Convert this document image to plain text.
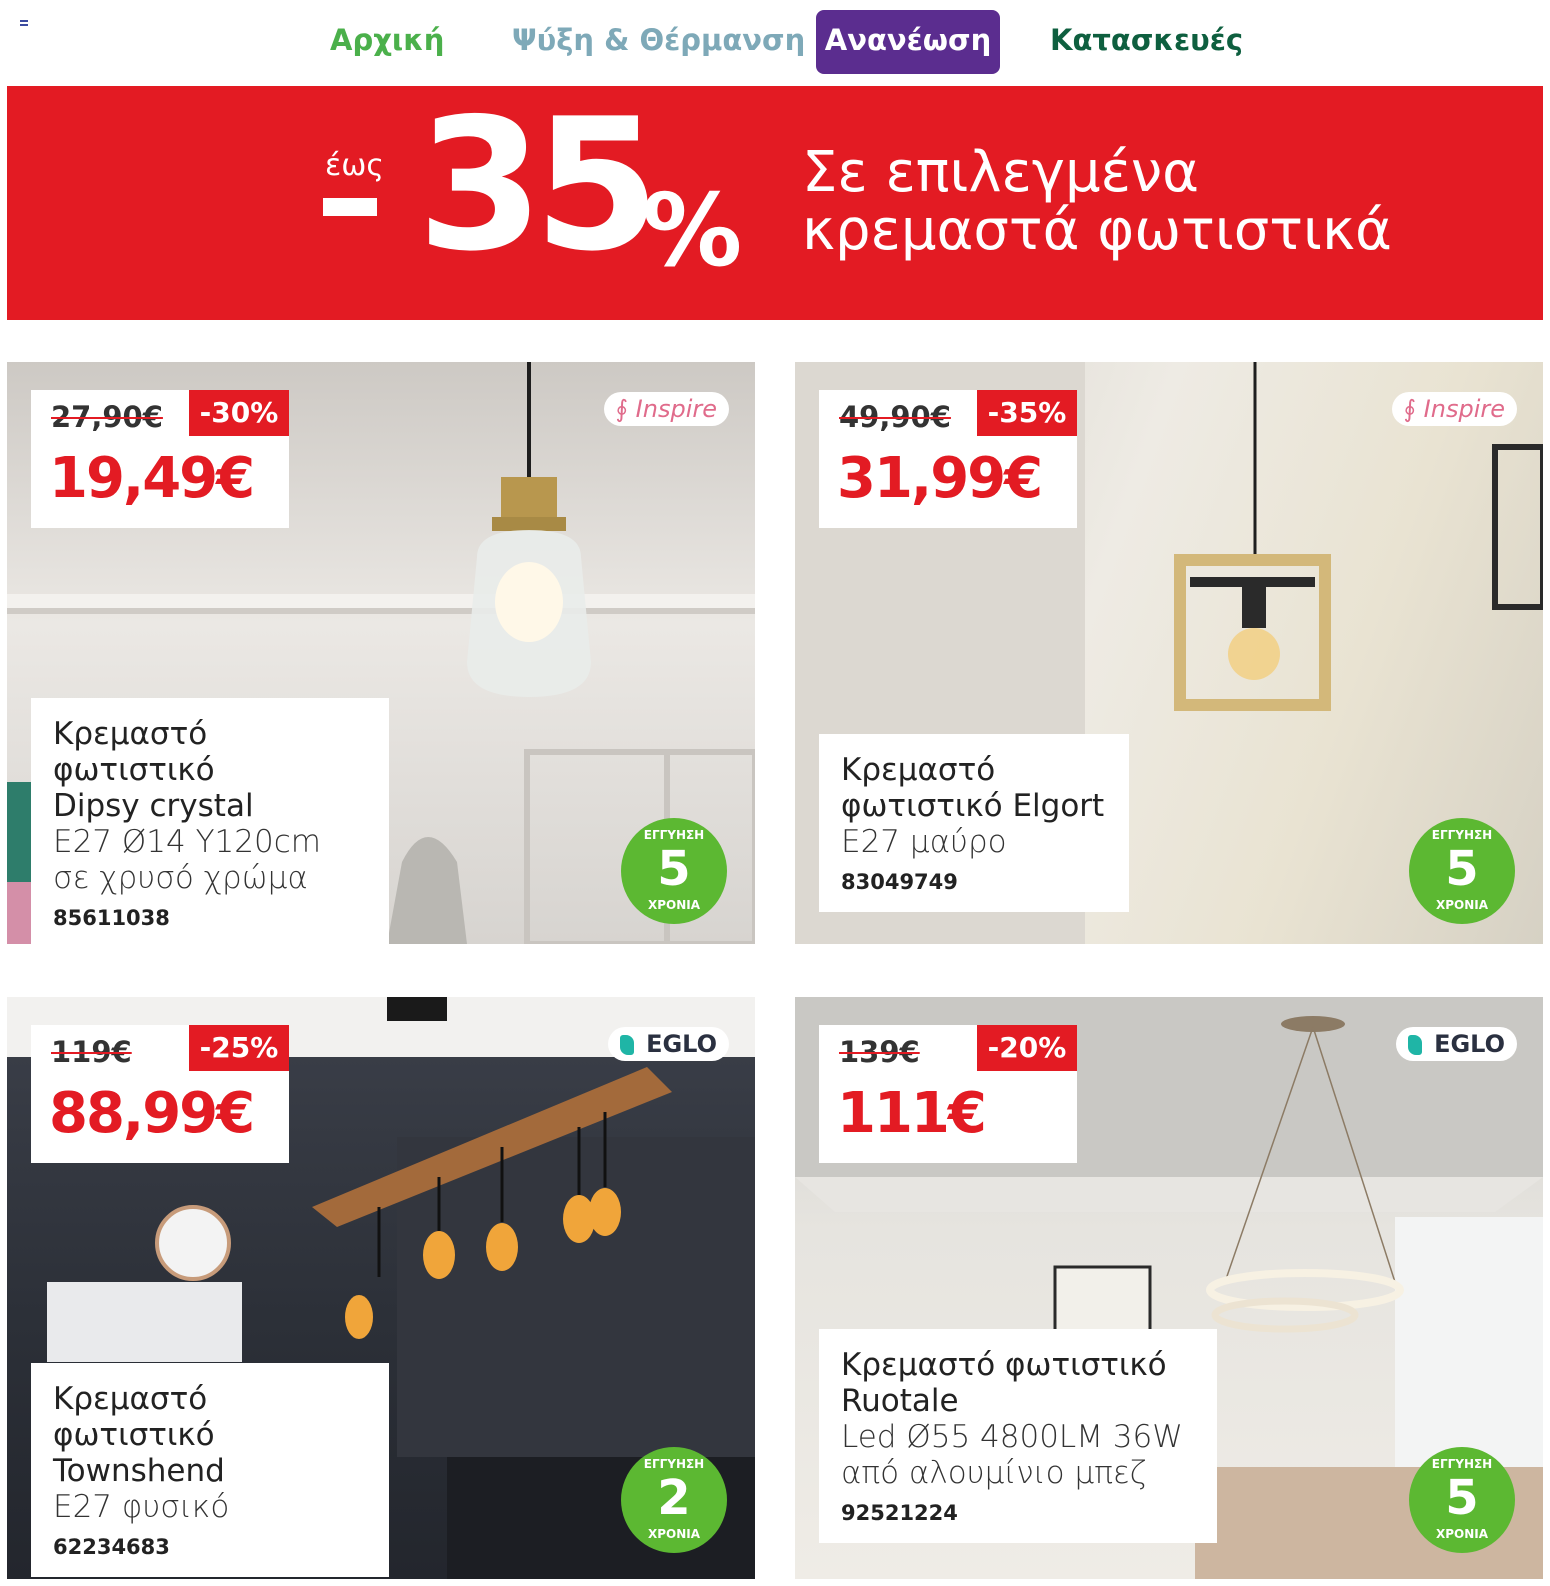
Αρχική Ψύξη & Θέρμανση Ανανέωση	Κατασκευές
έως 35
% Σε επιλεγμένα
κρεμαστά φωτιστικά
27,90€	-30%
19,49€
∮ Inspire
Κρεμαστό φωτιστικό
Dipsy crystal
E27 Ø14 Y120cm
σε χρυσό χρώμα
85611038
ΕΓΓΥΗΣΗ
5
ΧΡΟΝΙΑ
49,90€	-35%
31,99€
∮ Inspire
Κρεμαστό
φωτιστικό Elgort
E27 μαύρο
83049749
ΕΓΓΥΗΣΗ
5
ΧΡΟΝΙΑ
119€	-25%
88,99€
EGLO
Κρεμαστό φωτιστικό
Townshend
E27 φυσικό
62234683
ΕΓΓΥΗΣΗ
2
ΧΡΟΝΙΑ
139€	-20%
111€
EGLO
Κρεμαστό φωτιστικό
Ruotale
Led Ø55 4800LM 36W
από αλουμίνιο μπεζ
92521224
ΕΓΓΥΗΣΗ
5
ΧΡΟΝΙΑ
